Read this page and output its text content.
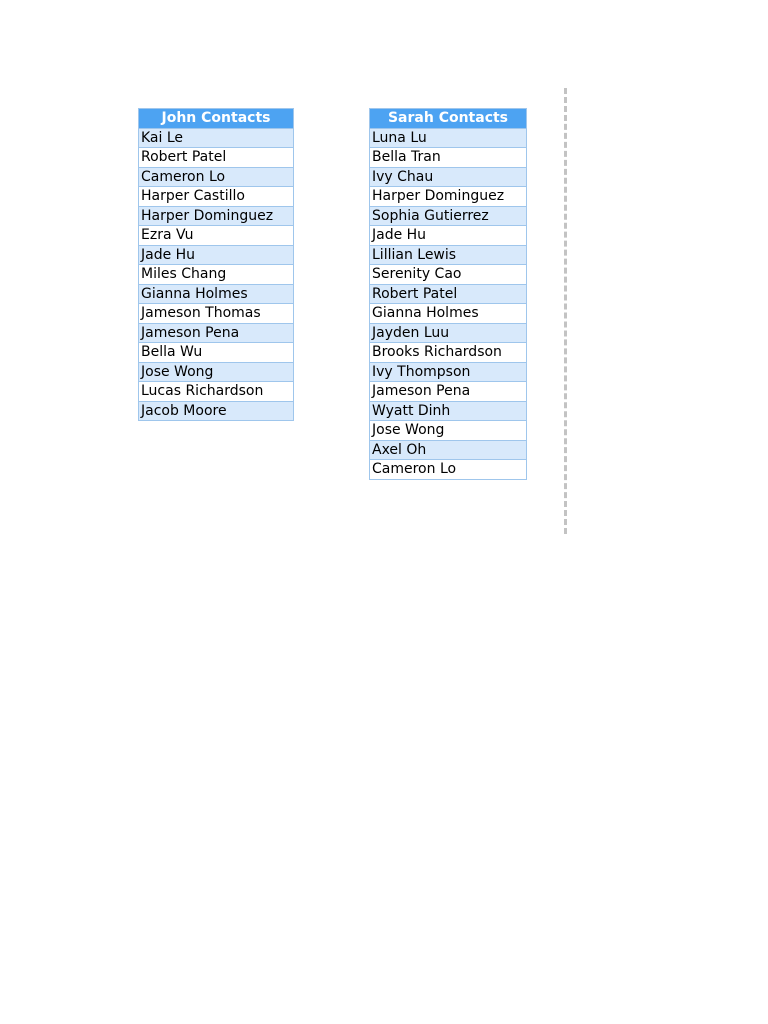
John Contacts
Kai Le
Robert Patel
Cameron Lo
Harper Castillo
Harper Dominguez
Ezra Vu
Jade Hu
Miles Chang
Gianna Holmes
Jameson Thomas
Jameson Pena
Bella Wu
Jose Wong
Lucas Richardson
Jacob Moore
Sarah Contacts
Luna Lu
Bella Tran
Ivy Chau
Harper Dominguez
Sophia Gutierrez
Jade Hu
Lillian Lewis
Serenity Cao
Robert Patel
Gianna Holmes
Jayden Luu
Brooks Richardson
Ivy Thompson
Jameson Pena
Wyatt Dinh
Jose Wong
Axel Oh
Cameron Lo
